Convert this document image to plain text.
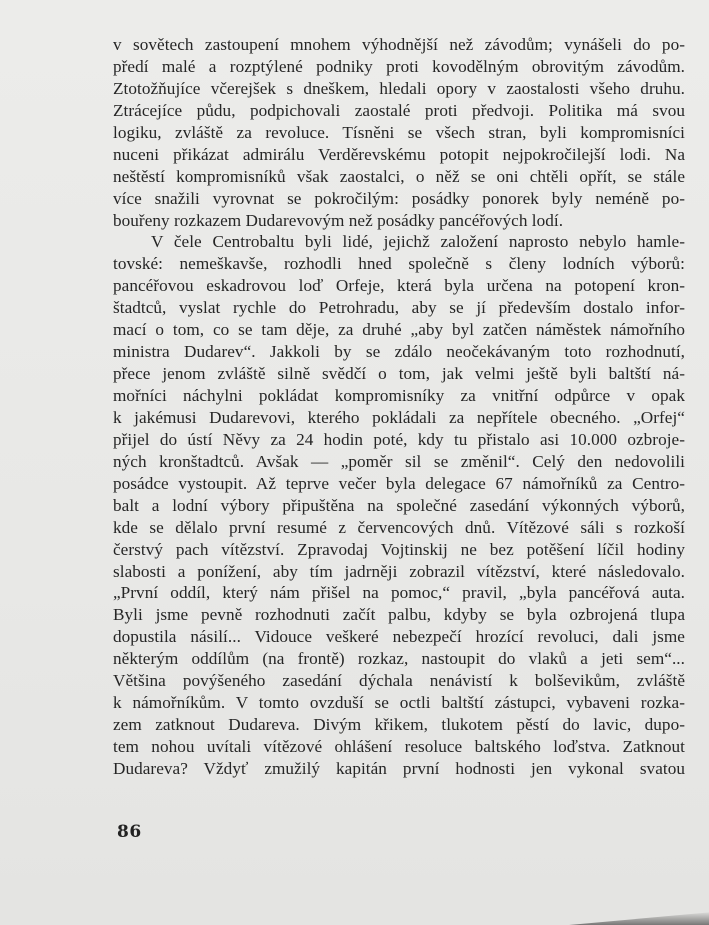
v sovětech zastoupení mnohem výhodnější než závodům; vynášeli do po-
předí malé a rozptýlené podniky proti kovodělným obrovitým závodům.
Ztotožňujíce včerejšek s dneškem, hledali opory v zaostalosti všeho druhu.
Ztrácejíce půdu, podpichovali zaostalé proti předvoji. Politika má svou
logiku, zvláště za revoluce. Tísněni se všech stran, byli kompromisníci
nuceni přikázat admirálu Verděrevskému potopit nejpokročilejší lodi. Na
neštěstí kompromisníků však zaostalci, o něž se oni chtěli opřít, se stále
více snažili vyrovnat se pokročilým: posádky ponorek byly neméně po-
bouřeny rozkazem Dudarevovým než posádky pancéřových lodí.
V čele Centrobaltu byli lidé, jejichž založení naprosto nebylo hamle-
tovské: nemeškavše, rozhodli hned společně s členy lodních výborů:
pancéřovou eskadrovou loď Orfeje, která byla určena na potopení kron-
štadtců, vyslat rychle do Petrohradu, aby se jí především dostalo infor-
mací o tom, co se tam děje, za druhé „aby byl zatčen náměstek námořního
ministra Dudarev“. Jakkoli by se zdálo neočekávaným toto rozhodnutí,
přece jenom zvláště silně svědčí o tom, jak velmi ještě byli baltští ná-
mořníci náchylni pokládat kompromisníky za vnitřní odpůrce v opak
k jakémusi Dudarevovi, kterého pokládali za nepřítele obecného. „Orfej“
přijel do ústí Něvy za 24 hodin poté, kdy tu přistalo asi 10.000 ozbroje-
ných kronštadtců. Avšak — „poměr sil se změnil“. Celý den nedovolili
posádce vystoupit. Až teprve večer byla delegace 67 námořníků za Centro-
balt a lodní výbory připuštěna na společné zasedání výkonných výborů,
kde se dělalo první resumé z červencových dnů. Vítězové sáli s rozkoší
čerstvý pach vítězství. Zpravodaj Vojtinskij ne bez potěšení líčil hodiny
slabosti a ponížení, aby tím jadrněji zobrazil vítězství, které následovalo.
„První oddíl, který nám přišel na pomoc,“ pravil, „byla pancéřová auta.
Byli jsme pevně rozhodnuti začít palbu, kdyby se byla ozbrojená tlupa
dopustila násilí... Vidouce veškeré nebezpečí hrozící revoluci, dali jsme
některým oddílům (na frontě) rozkaz, nastoupit do vlaků a jeti sem“...
Většina povýšeného zasedání dýchala nenávistí k bolševikům, zvláště
k námořníkům. V tomto ovzduší se octli baltští zástupci, vybaveni rozka-
zem zatknout Dudareva. Divým křikem, tlukotem pěstí do lavic, dupo-
tem nohou uvítali vítězové ohlášení resoluce baltského loďstva. Zatknout
Dudareva? Vždyť zmužilý kapitán první hodnosti jen vykonal svatou
86
